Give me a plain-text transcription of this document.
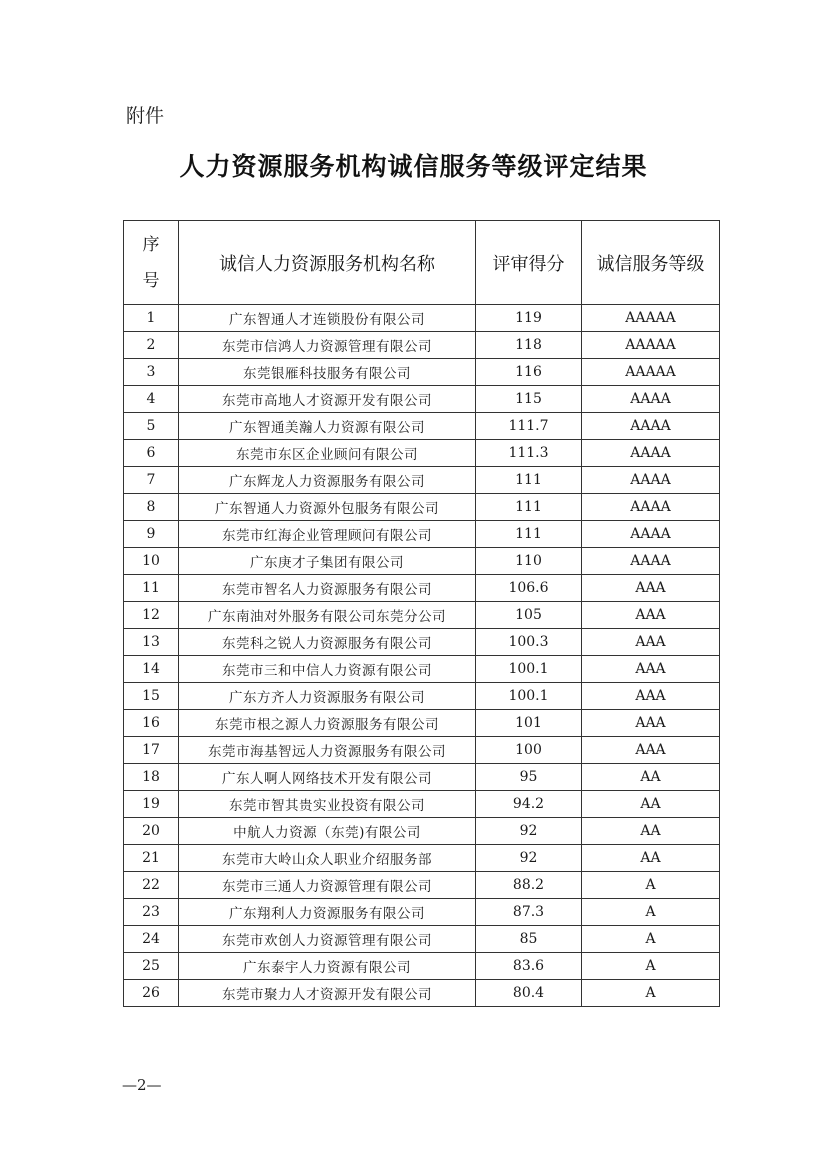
附件
人力资源服务机构诚信服务等级评定结果
序
号	诚信人力资源服务机构名称	评审得分	诚信服务等级
1	广东智通人才连锁股份有限公司	119	AAAAA
2	东莞市信鸿人力资源管理有限公司	118	AAAAA
3	东莞银雁科技服务有限公司	116	AAAAA
4	东莞市高地人才资源开发有限公司	115	AAAA
5	广东智通美瀚人力资源有限公司	111.7	AAAA
6	东莞市东区企业顾问有限公司	111.3	AAAA
7	广东辉龙人力资源服务有限公司	111	AAAA
8	广东智通人力资源外包服务有限公司	111	AAAA
9	东莞市红海企业管理顾问有限公司	111	AAAA
10	广东庚才子集团有限公司	110	AAAA
11	东莞市智名人力资源服务有限公司	106.6	AAA
12	广东南油对外服务有限公司东莞分公司	105	AAA
13	东莞科之锐人力资源服务有限公司	100.3	AAA
14	东莞市三和中信人力资源有限公司	100.1	AAA
15	广东方齐人力资源服务有限公司	100.1	AAA
16	东莞市根之源人力资源服务有限公司	101	AAA
17	东莞市海基智远人力资源服务有限公司	100	AAA
18	广东人啊人网络技术开发有限公司	95	AA
19	东莞市智其贵实业投资有限公司	94.2	AA
20	中航人力资源（东莞)有限公司	92	AA
21	东莞市大岭山众人职业介绍服务部	92	AA
22	东莞市三通人力资源管理有限公司	88.2	A
23	广东翔利人力资源服务有限公司	87.3	A
24	东莞市欢创人力资源管理有限公司	85	A
25	广东泰宇人力资源有限公司	83.6	A
26	东莞市聚力人才资源开发有限公司	80.4	A
—2—
